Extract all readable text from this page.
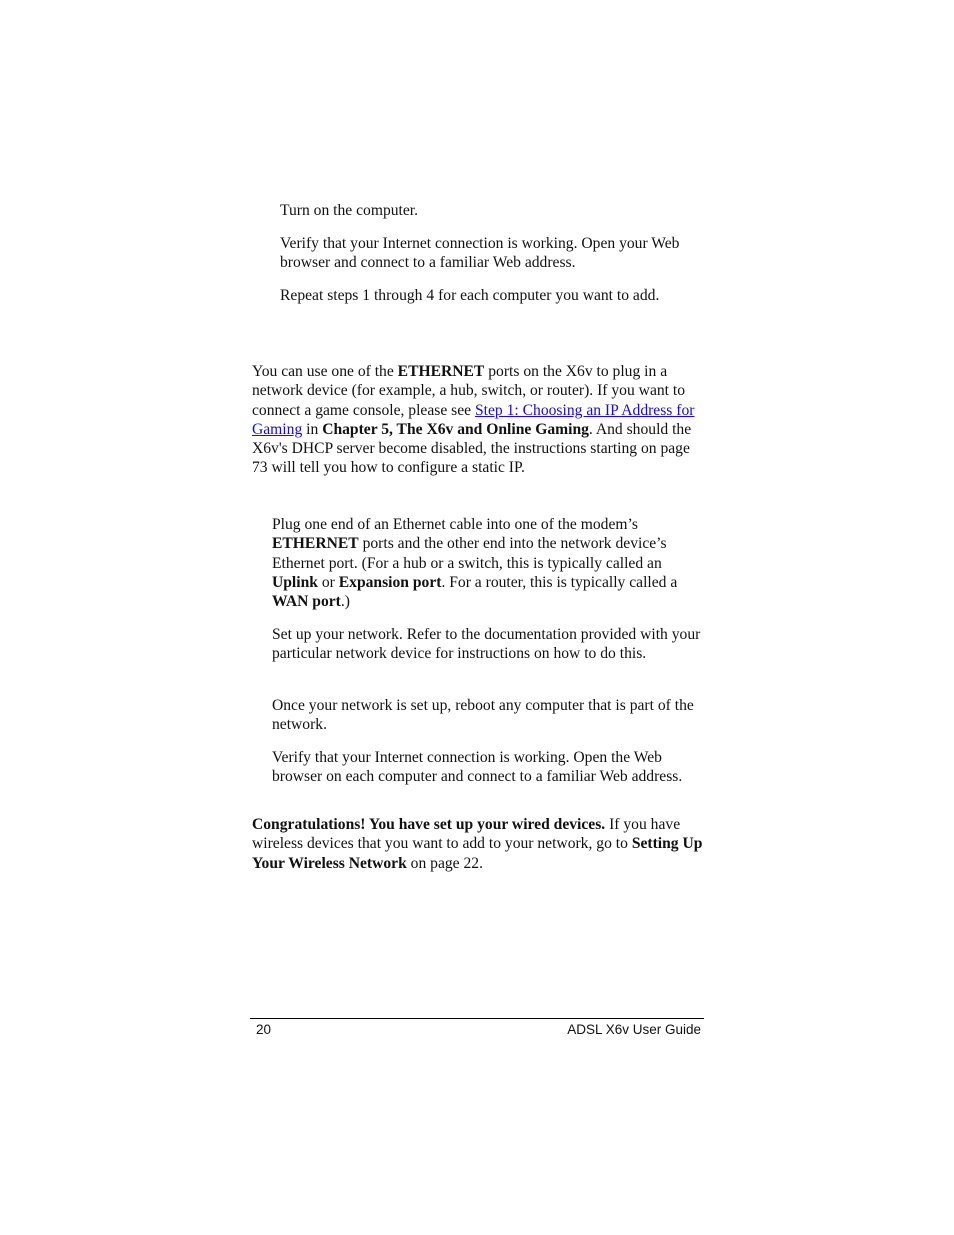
Turn on the computer.

Verify that your Internet connection is working. Open your Web browser and connect to a familiar Web address.

Repeat steps 1 through 4 for each computer you want to add.

You can use one of the ETHERNET ports on the X6v to plug in a network device (for example, a hub, switch, or router). If you want to connect a game console, please see Step 1: Choosing an IP Address for Gaming in Chapter 5, The X6v and Online Gaming. And should the X6v's DHCP server become disabled, the instructions starting on page 73 will tell you how to configure a static IP.

Plug one end of an Ethernet cable into one of the modem’s ETHERNET ports and the other end into the network device’s Ethernet port. (For a hub or a switch, this is typically called an Uplink or Expansion port. For a router, this is typically called a WAN port.)

Set up your network. Refer to the documentation provided with your particular network device for instructions on how to do this.

Once your network is set up, reboot any computer that is part of the network.

Verify that your Internet connection is working. Open the Web browser on each computer and connect to a familiar Web address.

Congratulations! You have set up your wired devices. If you have wireless devices that you want to add to your network, go to Setting Up Your Wireless Network on page 22.

20	ADSL X6v User Guide
